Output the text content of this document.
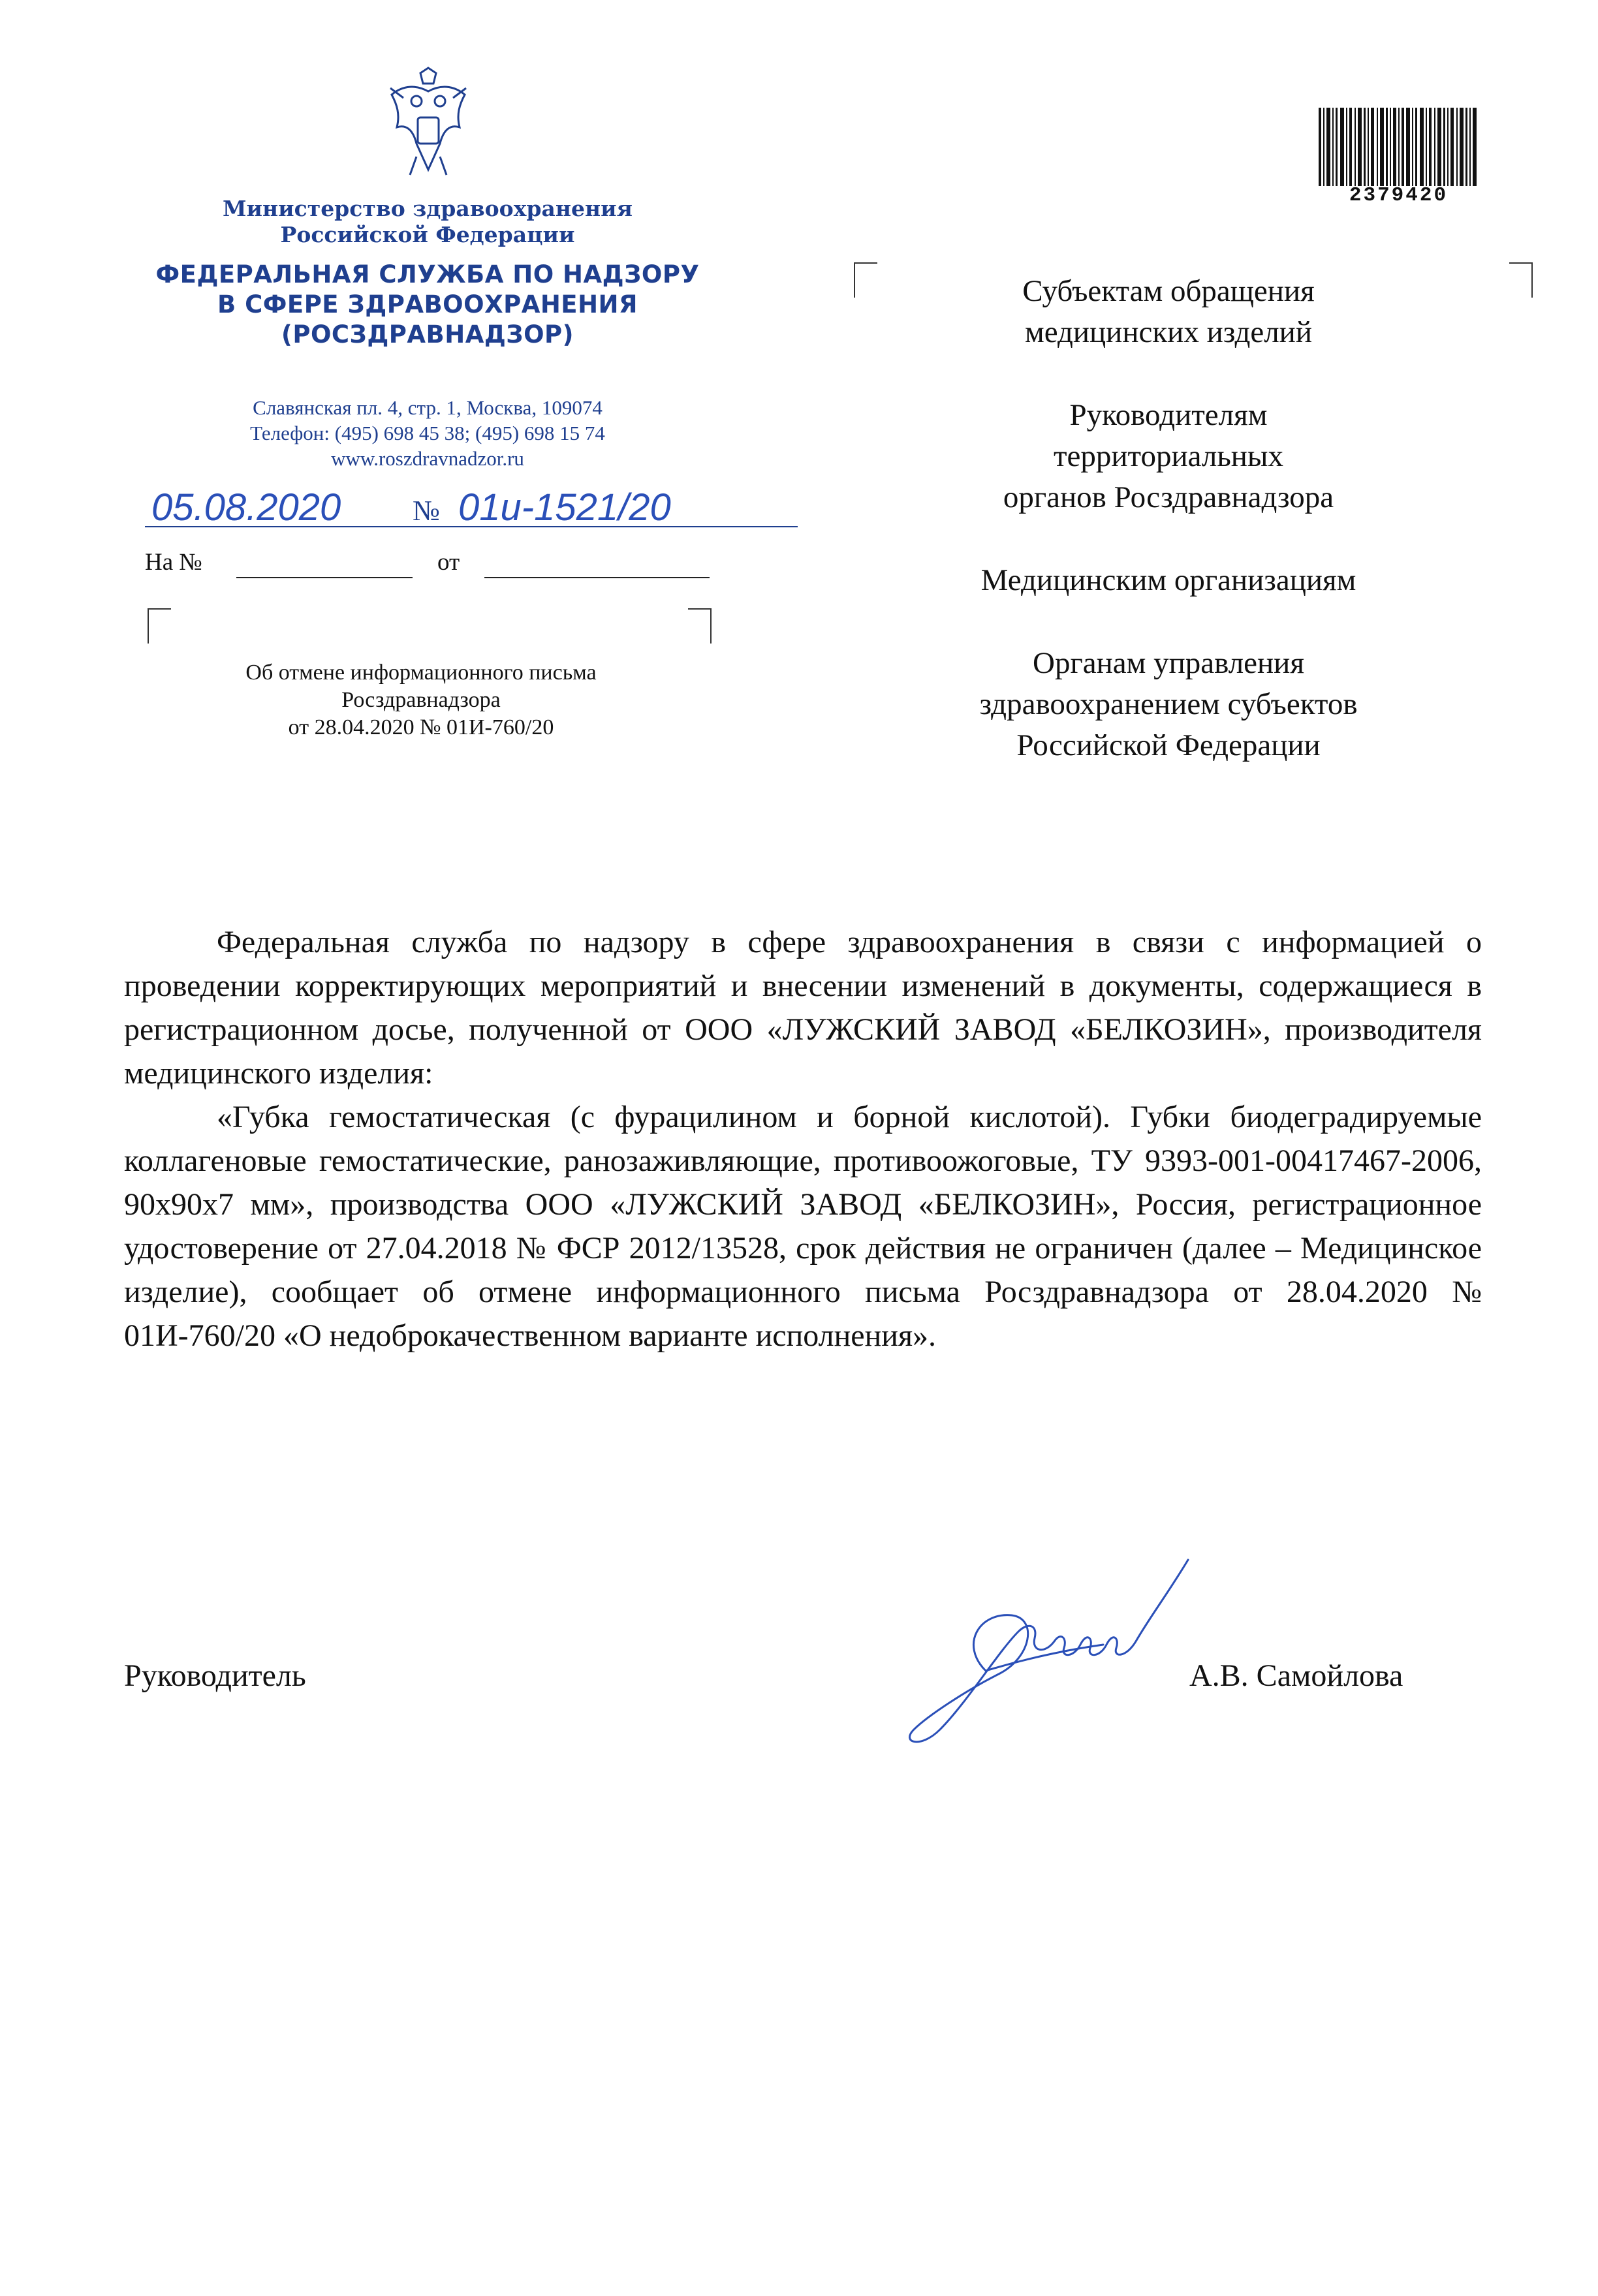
Министерство здравоохранения
Российской Федерации
ФЕДЕРАЛЬНАЯ СЛУЖБА ПО НАДЗОРУ
В СФЕРЕ ЗДРАВООХРАНЕНИЯ
(РОСЗДРАВНАДЗОР)
Славянская пл. 4, стр. 1, Москва, 109074
Телефон: (495) 698 45 38; (495) 698 15 74
www.roszdravnadzor.ru
05.08.2020 № 01и-1521/20
На №	от
Об отмене информационного письма
Росздравнадзора
от 28.04.2020 № 01И-760/20
2379420
Субъектам обращения
медицинских изделий
Руководителям
территориальных
органов Росздравнадзора
Медицинским организациям
Органам управления
здравоохранением субъектов
Российской Федерации

Федеральная служба по надзору в сфере здравоохранения в связи с информацией о проведении корректирующих мероприятий и внесении изменений в документы, содержащиеся в регистрационном досье, полученной от ООО «ЛУЖСКИЙ ЗАВОД «БЕЛКОЗИН», производителя медицинского изделия:

«Губка гемостатическая (с фурацилином и борной кислотой). Губки биодеградируемые коллагеновые гемостатические, ранозаживляющие, противоожоговые, ТУ 9393-001-00417467-2006, 90x90x7 мм», производства ООО «ЛУЖСКИЙ ЗАВОД «БЕЛКОЗИН», Россия, регистрационное удостоверение от 27.04.2018 № ФСР 2012/13528, срок действия не ограничен (далее – Медицинское изделие), сообщает об отмене информационного письма Росздравнадзора от 28.04.2020 № 01И-760/20 «О недоброкачественном варианте исполнения».

Руководитель	А.В. Самойлова
